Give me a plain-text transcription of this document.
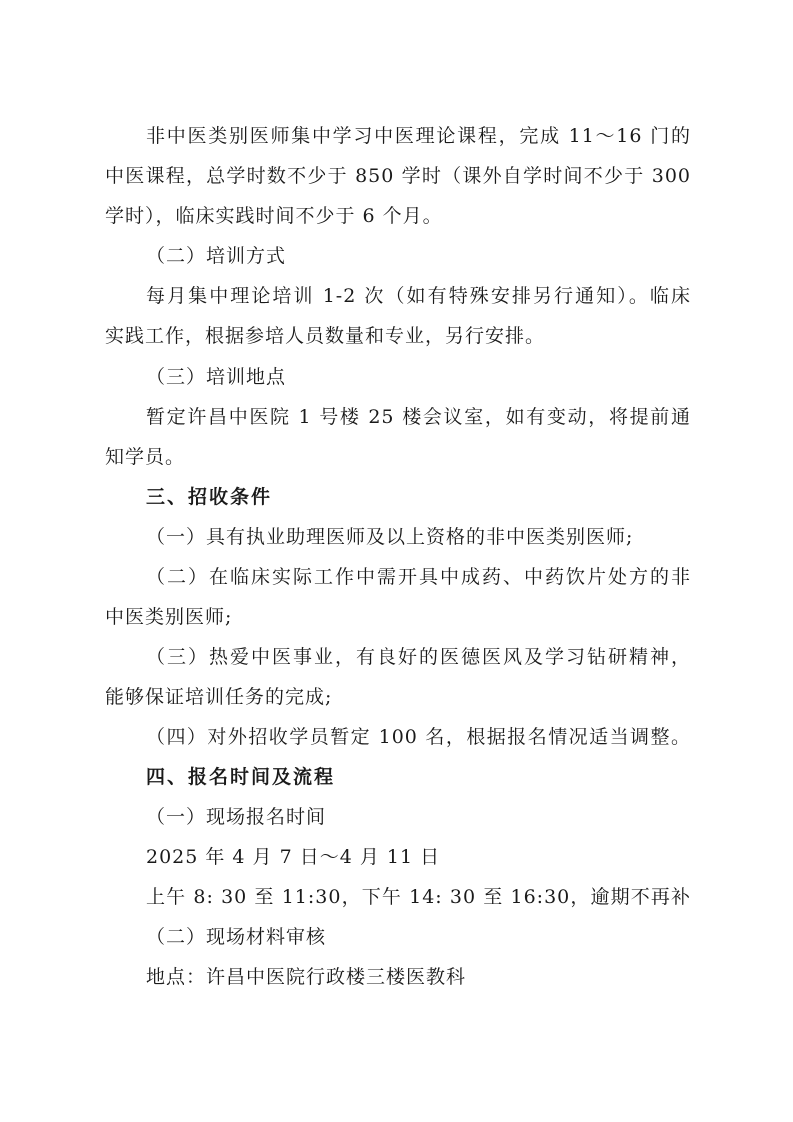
非中医类别医师集中学习中医理论课程，完成 11～16 门的
中医课程，总学时数不少于 850 学时（课外自学时间不少于 300
学时），临床实践时间不少于 6 个月。
（二）培训方式
每月集中理论培训 1-2 次（如有特殊安排另行通知）。临床
实践工作，根据参培人员数量和专业，另行安排。
（三）培训地点
暂定许昌中医院 1 号楼 25 楼会议室，如有变动，将提前通
知学员。
三、招收条件
（一）具有执业助理医师及以上资格的非中医类别医师;
（二）在临床实际工作中需开具中成药、中药饮片处方的非
中医类别医师;
（三）热爱中医事业，有良好的医德医风及学习钻研精神，
能够保证培训任务的完成;
（四）对外招收学员暂定 100 名，根据报名情况适当调整。
四、报名时间及流程
（一）现场报名时间
2025 年 4 月 7 日～4 月 11 日
上午 8: 30 至 11:30，下午 14: 30 至 16:30，逾期不再补
（二）现场材料审核
地点：许昌中医院行政楼三楼医教科
